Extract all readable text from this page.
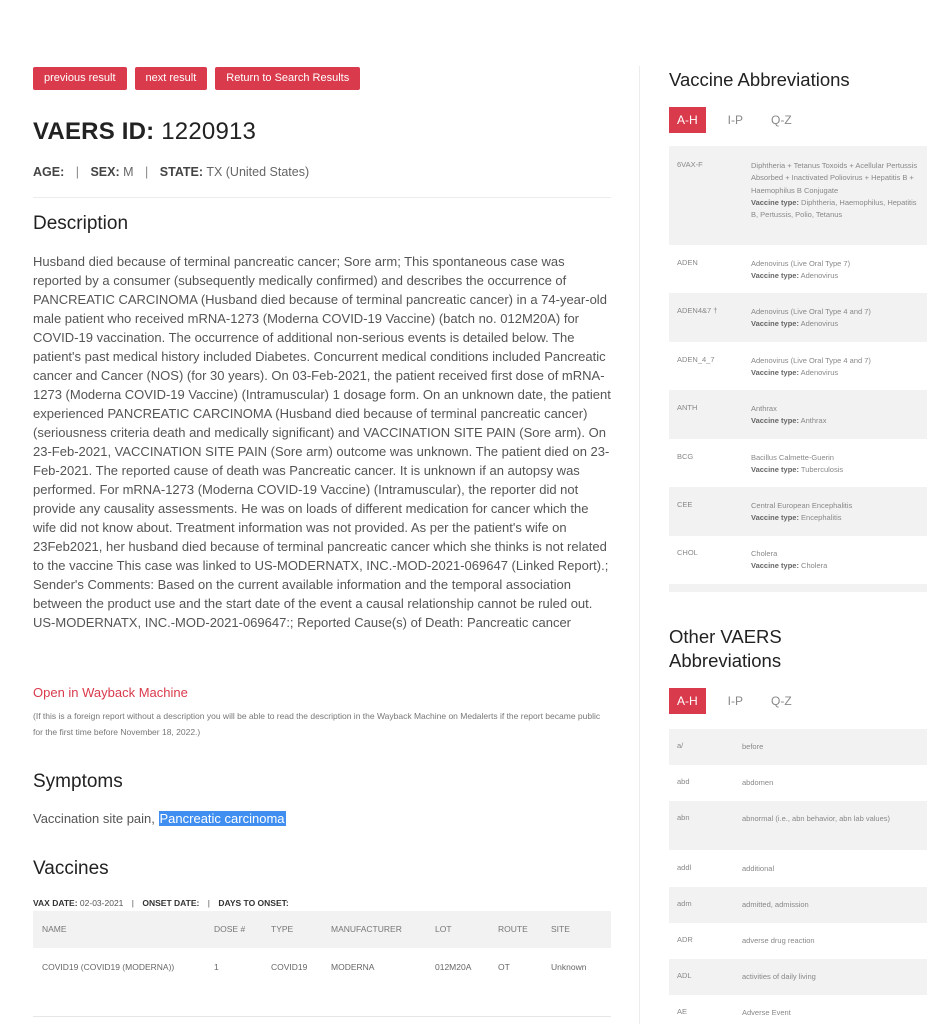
previous result	next result	Return to Search Results
VAERS ID: 1220913
AGE: | SEX: M | STATE: TX (United States)
Description

Husband died because of terminal pancreatic cancer; Sore arm; This spontaneous case was reported by a consumer (subsequently medically confirmed) and describes the occurrence of PANCREATIC CARCINOMA (Husband died because of terminal pancreatic cancer) in a 74-year-old male patient who received mRNA-1273 (Moderna COVID-19 Vaccine) (batch no. 012M20A) for COVID-19 vaccination. The occurrence of additional non-serious events is detailed below. The patient's past medical history included Diabetes. Concurrent medical conditions included Pancreatic cancer and Cancer (NOS) (for 30 years). On 03-Feb-2021, the patient received first dose of mRNA-1273 (Moderna COVID-19 Vaccine) (Intramuscular) 1 dosage form. On an unknown date, the patient experienced PANCREATIC CARCINOMA (Husband died because of terminal pancreatic cancer) (seriousness criteria death and medically significant) and VACCINATION SITE PAIN (Sore arm). On 23-Feb-2021, VACCINATION SITE PAIN (Sore arm) outcome was unknown. The patient died on 23-Feb-2021. The reported cause of death was Pancreatic cancer. It is unknown if an autopsy was performed. For mRNA-1273 (Moderna COVID-19 Vaccine) (Intramuscular), the reporter did not provide any causality assessments. He was on loads of different medication for cancer which the wife did not know about. Treatment information was not provided. As per the patient's wife on 23Feb2021, her husband died because of terminal pancreatic cancer which she thinks is not related to the vaccine This case was linked to US-MODERNATX, INC.-MOD-2021-069647 (Linked Report).; Sender's Comments: Based on the current available information and the temporal association between the product use and the start date of the event a causal relationship cannot be ruled out. US-MODERNATX, INC.-MOD-2021-069647:; Reported Cause(s) of Death: Pancreatic cancer

Open in Wayback Machine
(If this is a foreign report without a description you will be able to read the description in the Wayback Machine on Medalerts if the report became public for the first time before November 18, 2022.)
Symptoms
Vaccination site pain, Pancreatic carcinoma
Vaccines
VAX DATE: 02-03-2021 | ONSET DATE: | DAYS TO ONSET:
NAME	DOSE #	TYPE	MANUFACTURER	LOT	ROUTE	SITE
COVID19 (COVID19 (MODERNA))	1	COVID19	MODERNA	012M20A	OT	Unknown
Vaccine Abbreviations
A-H	I-P	Q-Z
6VAX-F	Diphtheria + Tetanus Toxoids + Acellular Pertussis Absorbed + Inactivated Poliovirus + Hepatitis B + Haemophilus B Conjugate
Vaccine type: Diphtheria, Haemophilus, Hepatitis B, Pertussis, Polio, Tetanus
ADEN	Adenovirus (Live Oral Type 7)
Vaccine type: Adenovirus
ADEN4&7 †	Adenovirus (Live Oral Type 4 and 7)
Vaccine type: Adenovirus
ADEN_4_7	Adenovirus (Live Oral Type 4 and 7)
Vaccine type: Adenovirus
ANTH	Anthrax
Vaccine type: Anthrax
BCG	Bacillus Calmette-Guerin
Vaccine type: Tuberculosis
CEE	Central European Encephalitis
Vaccine type: Encephalitis
CHOL	Cholera
Vaccine type: Cholera
Other VAERS Abbreviations
A-H	I-P	Q-Z
a/	before
abd	abdomen
abn	abnormal (i.e., abn behavior, abn lab values)
addl	additional
adm	admitted, admission
ADR	adverse drug reaction
ADL	activities of daily living
AE	Adverse Event
